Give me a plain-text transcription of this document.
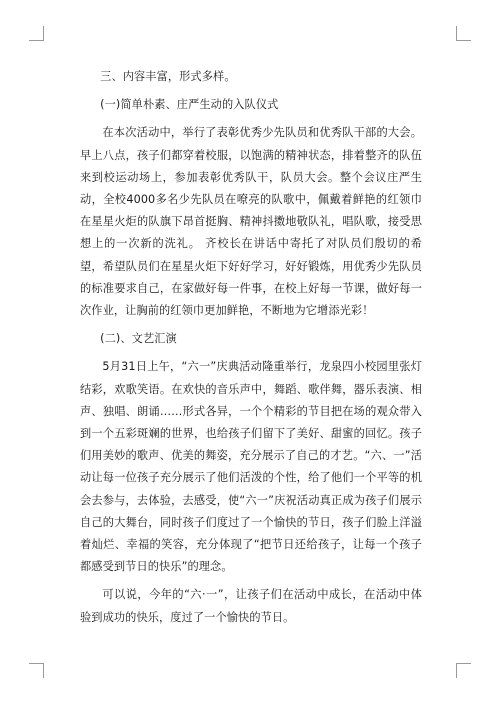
三、内容丰富，形式多样。

(一)简单朴素、庄严生动的入队仪式

在本次活动中，举行了表彰优秀少先队员和优秀队干部的大会。早上八点，孩子们都穿着校服，以饱满的精神状态，排着整齐的队伍来到校运动场上，参加表彰优秀队干，队员大会。整个会议庄严生动，全校4000多名少先队员在嘹亮的队歌中，佩戴着鲜艳的红领巾在星星火炬的队旗下昂首挺胸、精神抖擞地敬队礼，唱队歌，接受思想上的一次新的洗礼。 齐校长在讲话中寄托了对队员们殷切的希望，希望队员们在星星火炬下好好学习，好好锻炼，用优秀少先队员的标准要求自己，在家做好每一件事，在校上好每一节课，做好每一次作业，让胸前的红领巾更加鲜艳，不断地为它增添光彩！

(二)、文艺汇演

5月31日上午，“六一”庆典活动隆重举行，龙泉四小校园里张灯结彩，欢歌笑语。在欢快的音乐声中，舞蹈、歌伴舞，器乐表演、相声、独唱、朗诵……形式各异，一个个精彩的节目把在场的观众带入到一个五彩斑斓的世界，也给孩子们留下了美好、甜蜜的回忆。孩子们用美妙的歌声、优美的舞姿，充分展示了自己的才艺。“六、一”活动让每一位孩子充分展示了他们活泼的个性，给了他们一个平等的机会去参与，去体验，去感受，使“六一”庆祝活动真正成为孩子们展示自己的大舞台，同时孩子们度过了一个愉快的节日，孩子们脸上洋溢着灿烂、幸福的笑容，充分体现了“把节日还给孩子，让每一个孩子都感受到节日的快乐”的理念。

可以说，今年的“六·一”，让孩子们在活动中成长，在活动中体验到成功的快乐，度过了一个愉快的节日。
